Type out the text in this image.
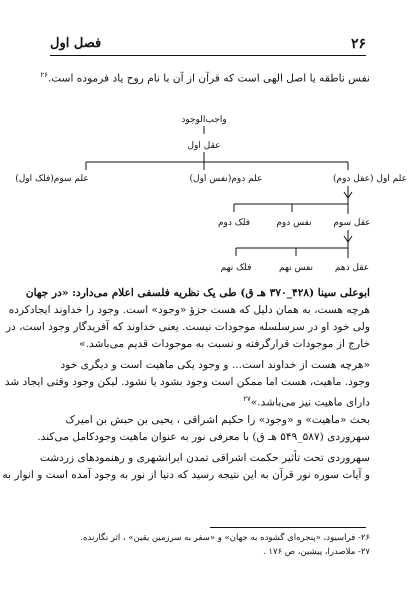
۲۶
فصل اول
نفس ناطقه یا اصل الهی است که قرآن از آن با نام روح یاد فرموده است.$^{۲۶}$
واجب‌الوجود
عقل اول
علم اول (عقل دوم)
علم دوم(نفس اول)
علم سوم(فلک اول)
عقل سوم
نفس دوم
فلک دوم
عقل دهم
نفس نهم
فلک نهم
ابوعلی سینا (۴۲۸_۳۷۰ هـ ق) طی یک نظریه فلسفی اعلام می‌دارد: «در جهان
هرچه هست، به همان دلیل که هست جزؤ «وجود» است. وجود را خداوند ایجادکرده
ولی خود او در سرسلسله موجودات نیست. یعنی خداوند که آفریدگار وجود است، در
خارج از موجودات قرارگرفته و نسبت به موجودات قدیم می‌باشد.»
«هرچه هست از خداوند است... و وجود یکی ماهیت است و دیگری خود
وجود. ماهیت، هست اما ممکن است وجود بشود یا نشود. لیکن وجود وقتی ایجاد شد
دارای ماهیت نیز می‌باشد.»$^{۲۷}$
بحث «ماهیت» و «وجود» را حکیم اشراقی ، یحیی بن حبش بن امیرک
سهروردی (۵۸۷_۵۴۹ هـ ق) با معرفی نور به عنوان ماهیت وجودکامل می‌کند.
سهروردی تحت تأثیر حکمت اشراقی تمدن ایرانشهری و رهنمودهای زردشت
و آیات سوره نور قرآن به این نتیجه رسید که دنیا از نور به وجود آمده است و انوار به
۲۶- فراسیود، «پنجره‌ای گشوده به جهان» و «سفر به سرزمین یقین» ، اثر نگارنده.
۲۷- ملاصدرا، پیشین، ص ۱۷۶ .
